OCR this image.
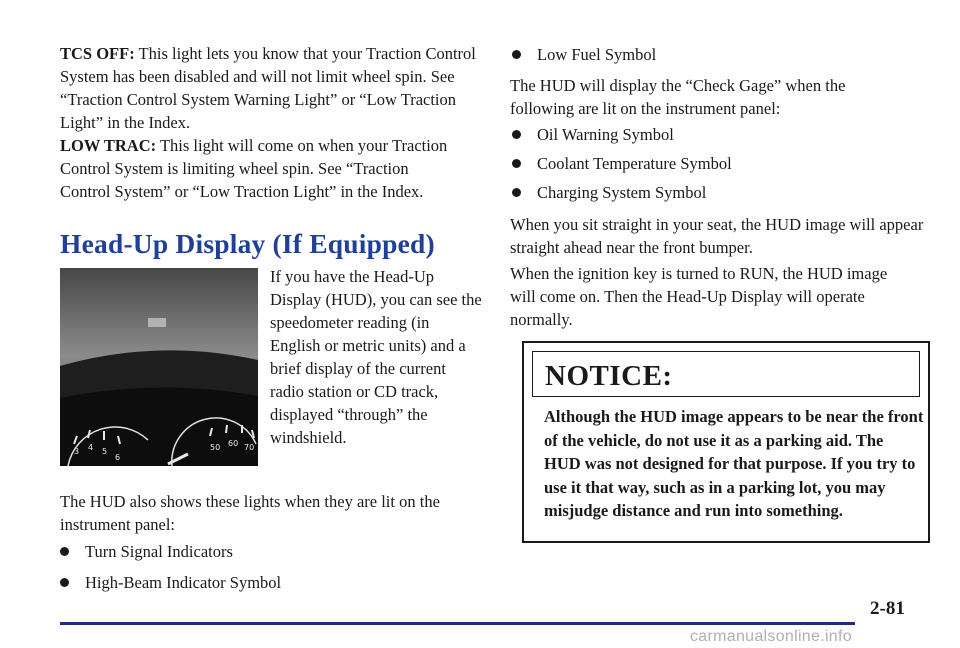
TCS OFF: This light lets you know that your Traction Control System has been disabled and will not limit wheel spin. See “Traction Control System Warning Light” or “Low Traction Light” in the Index.

LOW TRAC: This light will come on when your Traction Control System is limiting wheel spin. See “Traction Control System” or “Low Traction Light” in the Index.

Head-Up Display (If Equipped)
3 4 5
6
50 60 70

If you have the Head-Up Display (HUD), you can see the speedometer reading (in English or metric units) and a brief display of the current radio station or CD track, displayed “through” the windshield.

The HUD also shows these lights when they are lit on the instrument panel:

Turn Signal Indicators
High-Beam Indicator Symbol
Low Fuel Symbol

The HUD will display the “Check Gage” when the following are lit on the instrument panel:

Oil Warning Symbol
Coolant Temperature Symbol
Charging System Symbol

When you sit straight in your seat, the HUD image will appear straight ahead near the front bumper.

When the ignition key is turned to RUN, the HUD image will come on. Then the Head-Up Display will operate normally.

NOTICE:

Although the HUD image appears to be near the front of the vehicle, do not use it as a parking aid. The HUD was not designed for that purpose. If you try to use it that way, such as in a parking lot, you may misjudge distance and run into something.

2-81
carmanualsonline.info
